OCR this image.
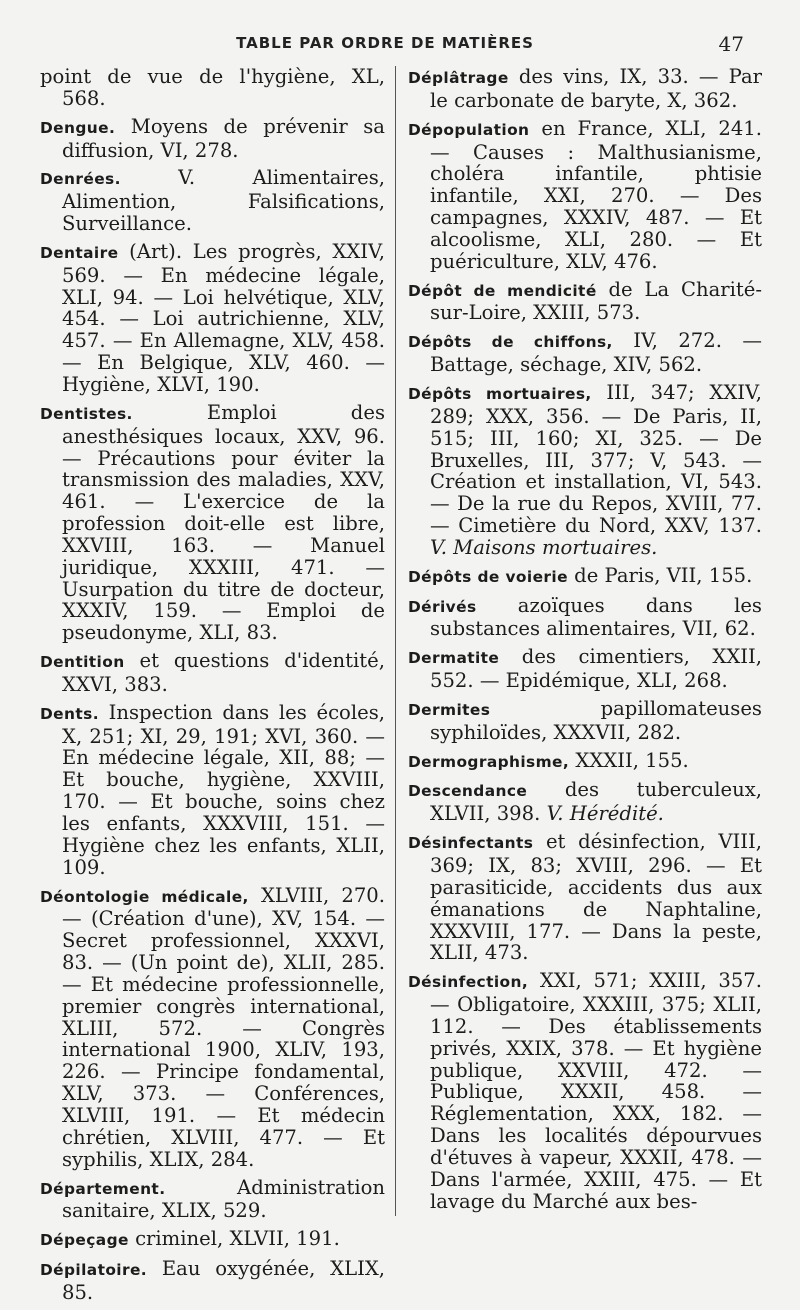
TABLE PAR ORDRE DE MATIÈRES	47

point de vue de l'hygiène, XL, 568.

Dengue. Moyens de prévenir sa diffusion, VI, 278.

Denrées. V. Alimentaires, Alimention, Falsifications, Surveillance.

Dentaire (Art). Les progrès, XXIV, 569. — En médecine légale, XLI, 94. — Loi helvétique, XLV, 454. — Loi autrichienne, XLV, 457. — En Allemagne, XLV, 458. — En Belgique, XLV, 460. — Hygiène, XLVI, 190.

Dentistes. Emploi des anesthésiques locaux, XXV, 96. — Précautions pour éviter la transmission des maladies, XXV, 461. — L'exercice de la profession doit-elle est libre, XXVIII, 163. — Manuel juridique, XXXIII, 471. — Usurpation du titre de docteur, XXXIV, 159. — Emploi de pseudonyme, XLI, 83.

Dentition et questions d'identité, XXVI, 383.

Dents. Inspection dans les écoles, X, 251; XI, 29, 191; XVI, 360. — En médecine légale, XII, 88; — Et bouche, hygiène, XXVIII, 170. — Et bouche, soins chez les enfants, XXXVIII, 151. — Hygiène chez les enfants, XLII, 109.

Déontologie médicale, XLVIII, 270. — (Création d'une), XV, 154. — Secret professionnel, XXXVI, 83. — (Un point de), XLII, 285. — Et médecine professionnelle, premier congrès international, XLIII, 572. — Congrès international 1900, XLIV, 193, 226. — Principe fondamental, XLV, 373. — Conférences, XLVIII, 191. — Et médecin chrétien, XLVIII, 477. — Et syphilis, XLIX, 284.

Département. Administration sanitaire, XLIX, 529.

Dépeçage criminel, XLVII, 191.

Dépilatoire. Eau oxygénée, XLIX, 85.

Déplâtrage des vins, IX, 33. — Par le carbonate de baryte, X, 362.

Dépopulation en France, XLI, 241. — Causes : Malthusianisme, choléra infantile, phtisie infantile, XXI, 270. — Des campagnes, XXXIV, 487. — Et alcoolisme, XLI, 280. — Et puériculture, XLV, 476.

Dépôt de mendicité de La Charité-sur-Loire, XXIII, 573.

Dépôts de chiffons, IV, 272. — Battage, séchage, XIV, 562.

Dépôts mortuaires, III, 347; XXIV, 289; XXX, 356. — De Paris, II, 515; III, 160; XI, 325. — De Bruxelles, III, 377; V, 543. — Création et installation, VI, 543. — De la rue du Repos, XVIII, 77. — Cimetière du Nord, XXV, 137. V. Maisons mortuaires.

Dépôts de voierie de Paris, VII, 155.

Dérivés azoïques dans les substances alimentaires, VII, 62.

Dermatite des cimentiers, XXII, 552. — Epidémique, XLI, 268.

Dermites papillomateuses syphiloïdes, XXXVII, 282.

Dermographisme, XXXII, 155.

Descendance des tuberculeux, XLVII, 398. V. Hérédité.

Désinfectants et désinfection, VIII, 369; IX, 83; XVIII, 296. — Et parasiticide, accidents dus aux émanations de Naphtaline, XXXVIII, 177. — Dans la peste, XLII, 473.

Désinfection, XXI, 571; XXIII, 357. — Obligatoire, XXXIII, 375; XLII, 112. — Des établissements privés, XXIX, 378. — Et hygiène publique, XXVIII, 472. — Publique, XXXII, 458. — Réglementation, XXX, 182. — Dans les localités dépourvues d'étuves à vapeur, XXXII, 478. — Dans l'armée, XXIII, 475. — Et lavage du Marché aux bes-
